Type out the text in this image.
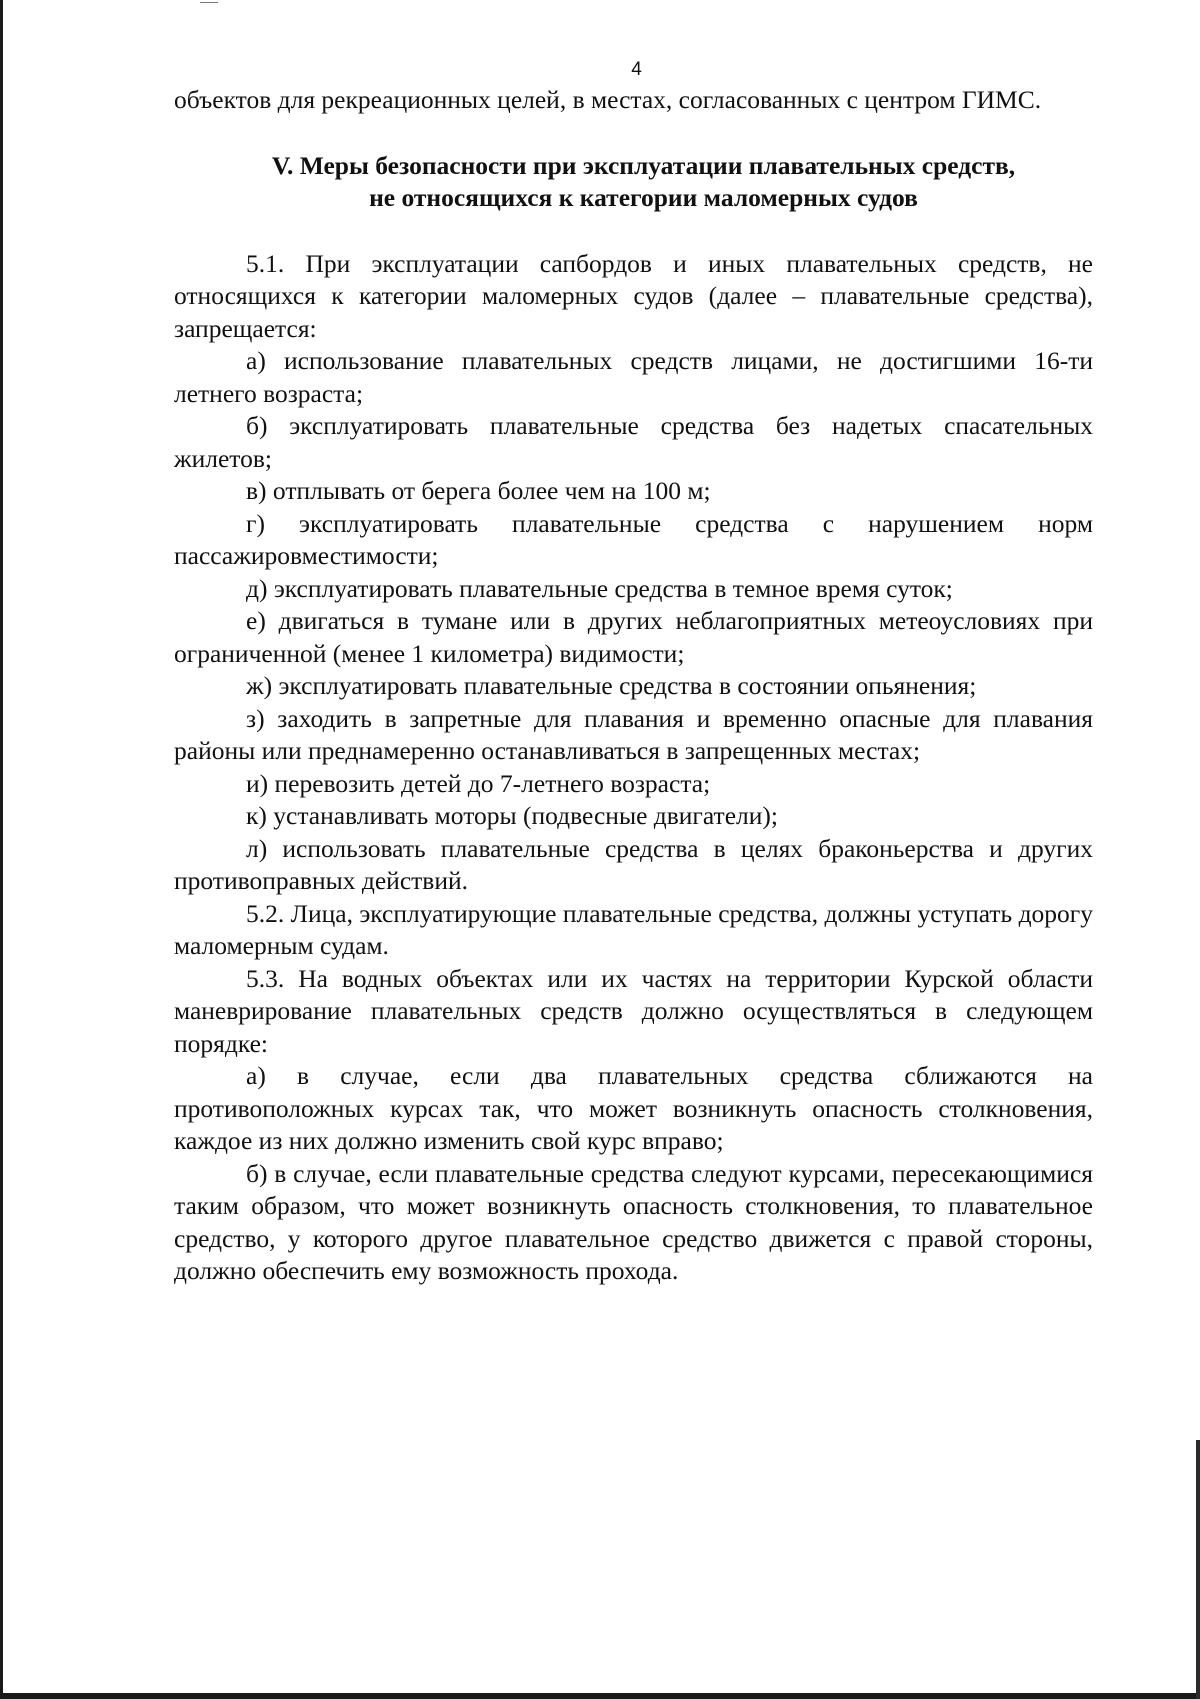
4

объектов для рекреационных целей, в местах, согласованных с центром ГИМС.

V. Меры безопасности при эксплуатации плавательных средств,
не относящихся к категории маломерных судов

5.1. При эксплуатации сапбордов и иных плавательных средств, не относящихся к категории маломерных судов (далее – плавательные средства), запрещается:

а) использование плавательных средств лицами, не достигшими 16-ти летнего возраста;

б) эксплуатировать плавательные средства без надетых спасательных жилетов;

в) отплывать от берега более чем на 100 м;

г) эксплуатировать плавательные средства с нарушением норм пассажировместимости;

д) эксплуатировать плавательные средства в темное время суток;

е) двигаться в тумане или в других неблагоприятных метеоусловиях при ограниченной (менее 1 километра) видимости;

ж) эксплуатировать плавательные средства в состоянии опьянения;

з) заходить в запретные для плавания и временно опасные для плавания районы или преднамеренно останавливаться в запрещенных местах;

и) перевозить детей до 7-летнего возраста;

к) устанавливать моторы (подвесные двигатели);

л) использовать плавательные средства в целях браконьерства и других противоправных действий.

5.2. Лица, эксплуатирующие плавательные средства, должны уступать дорогу маломерным судам.

5.3. На водных объектах или их частях на территории Курской области маневрирование плавательных средств должно осуществляться в следующем порядке:

а) в случае, если два плавательных средства сближаются на противоположных курсах так, что может возникнуть опасность столкновения, каждое из них должно изменить свой курс вправо;

б) в случае, если плавательные средства следуют курсами, пересекающимися таким образом, что может возникнуть опасность столкновения, то плавательное средство, у которого другое плавательное средство движется с правой стороны, должно обеспечить ему возможность прохода.
